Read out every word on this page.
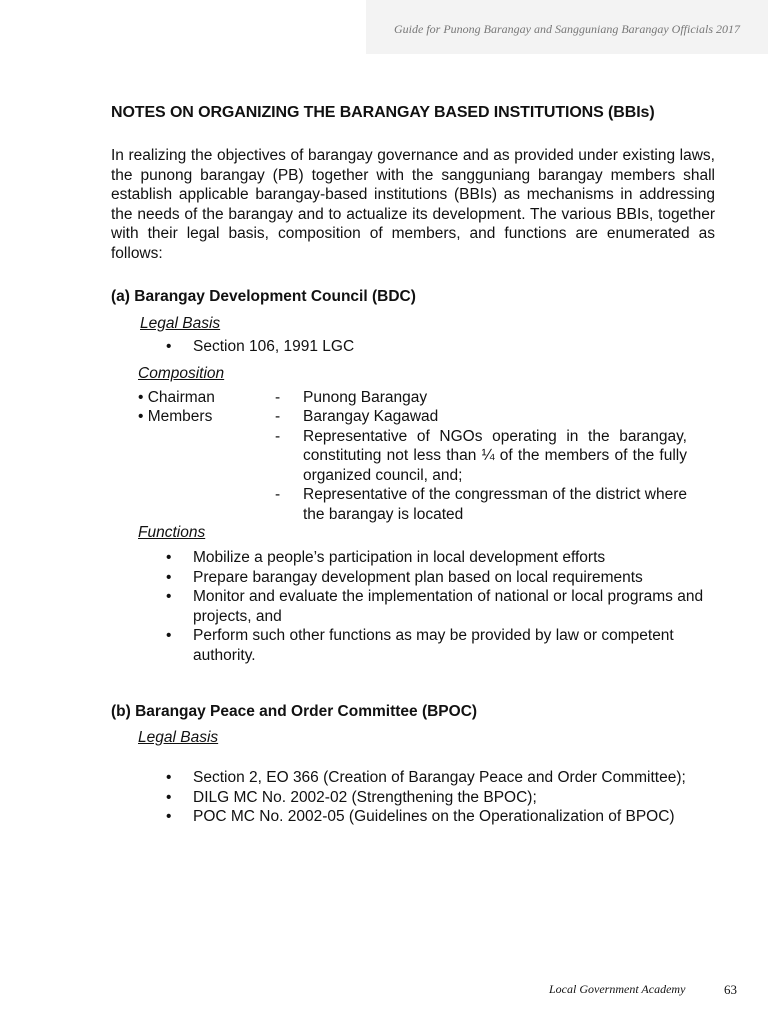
Guide for Punong Barangay and Sangguniang Barangay Officials 2017
NOTES ON ORGANIZING THE BARANGAY BASED INSTITUTIONS (BBIs)

In realizing the objectives of barangay governance and as provided under existing laws, the punong barangay (PB) together with the sangguniang barangay members shall establish applicable barangay-based institutions (BBIs) as mechanisms in addressing the needs of the barangay and to actualize its development. The various BBIs, together with their legal basis, composition of members, and functions are enumerated as follows:

(a) Barangay Development Council (BDC)
Legal Basis
• Section 106, 1991 LGC
Composition
• Chairman	-	Punong Barangay
• Members	-	Barangay Kagawad
	-	Representative of NGOs operating in the barangay, constituting not less than ¼ of the members of the fully organized council, and;
	-	Representative of the congressman of the district where the barangay is located
Functions
• Mobilize a people’s participation in local development efforts
• Prepare barangay development plan based on local requirements
• Monitor and evaluate the implementation of national or local programs and projects, and
• Perform such other functions as may be provided by law or competent authority.
(b) Barangay Peace and Order Committee (BPOC)
Legal Basis
• Section 2, EO 366 (Creation of Barangay Peace and Order Committee);
• DILG MC No. 2002-02 (Strengthening the BPOC);
• POC MC No. 2002-05 (Guidelines on the Operationalization of BPOC)
Local Government Academy	63
